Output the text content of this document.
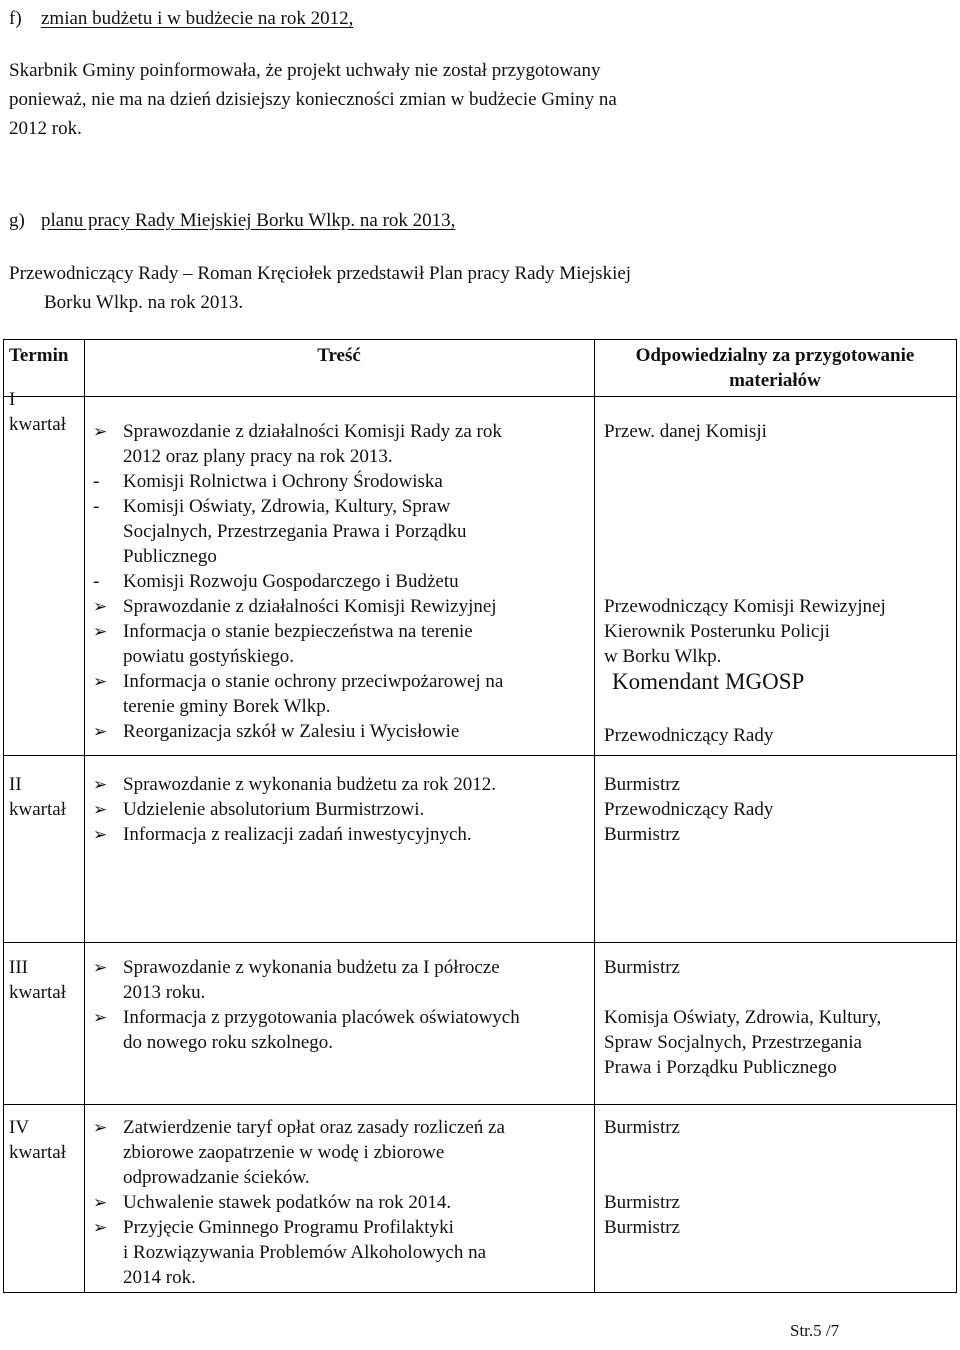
f) zmian budżetu i w budżecie na rok 2012,
Skarbnik Gminy poinformowała, że projekt uchwały nie został przygotowany
ponieważ, nie ma na dzień dzisiejszy konieczności zmian w budżecie Gminy na
2012 rok.
g) planu pracy Rady Miejskiej Borku Wlkp. na rok 2013,
Przewodniczący Rady – Roman Kręciołek przedstawił Plan pracy Rady Miejskiej
Borku Wlkp. na rok 2013.
Termin	Treść	Odpowiedzialny za przygotowanie
materiałów
I
kwartał ➢ Sprawozdanie z działalności Komisji Rady za rok
2012 oraz plany pracy na rok 2013.
- Komisji Rolnictwa i Ochrony Środowiska
- Komisji Oświaty, Zdrowia, Kultury, Spraw
Socjalnych, Przestrzegania Prawa i Porządku
Publicznego
- Komisji Rozwoju Gospodarczego i Budżetu
➢ Sprawozdanie z działalności Komisji Rewizyjnej
➢ Informacja o stanie bezpieczeństwa na terenie
powiatu gostyńskiego.
➢ Informacja o stanie ochrony przeciwpożarowej na
terenie gminy Borek Wlkp.
➢ Reorganizacja szkół w Zalesiu i Wycisłowie
Przew. danej Komisji
Przewodniczący Komisji Rewizyjnej
Kierownik Posterunku Policji
w Borku Wlkp.
Komendant MGOSP
Przewodniczący Rady
II
kwartał
➢ Sprawozdanie z wykonania budżetu za rok 2012.
➢ Udzielenie absolutorium Burmistrzowi.
➢ Informacja z realizacji zadań inwestycyjnych.
Burmistrz
Przewodniczący Rady
Burmistrz
III
kwartał
➢ Sprawozdanie z wykonania budżetu za I półrocze
2013 roku.
➢ Informacja z przygotowania placówek oświatowych
do nowego roku szkolnego.
Burmistrz
Komisja Oświaty, Zdrowia, Kultury,
Spraw Socjalnych, Przestrzegania
Prawa i Porządku Publicznego
IV
kwartał
➢ Zatwierdzenie taryf opłat oraz zasady rozliczeń za
zbiorowe zaopatrzenie w wodę i zbiorowe
odprowadzanie ścieków.
➢ Uchwalenie stawek podatków na rok 2014.
➢ Przyjęcie Gminnego Programu Profilaktyki
i Rozwiązywania Problemów Alkoholowych na
2014 rok.
Burmistrz
Burmistrz
Burmistrz
Str.5 /7
